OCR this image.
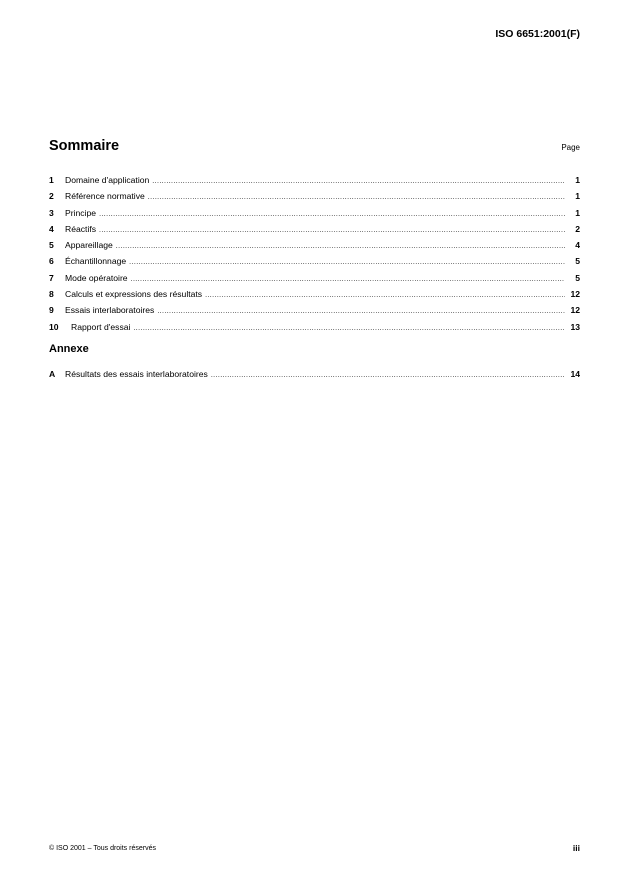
ISO 6651:2001(F)
Sommaire	Page
1	Domaine d'application .....	1
2	Référence normative .....	1
3	Principe .....	1
4	Réactifs .....	2
5	Appareillage .....	4
6	Échantillonnage .....	5
7	Mode opératoire .....	5
8	Calculs et expressions des résultats .....	12
9	Essais interlaboratoires .....	12
10	Rapport d'essai .....	13
Annexe
A	Résultats des essais interlaboratoires .....	14
© ISO 2001 – Tous droits réservés	iii
